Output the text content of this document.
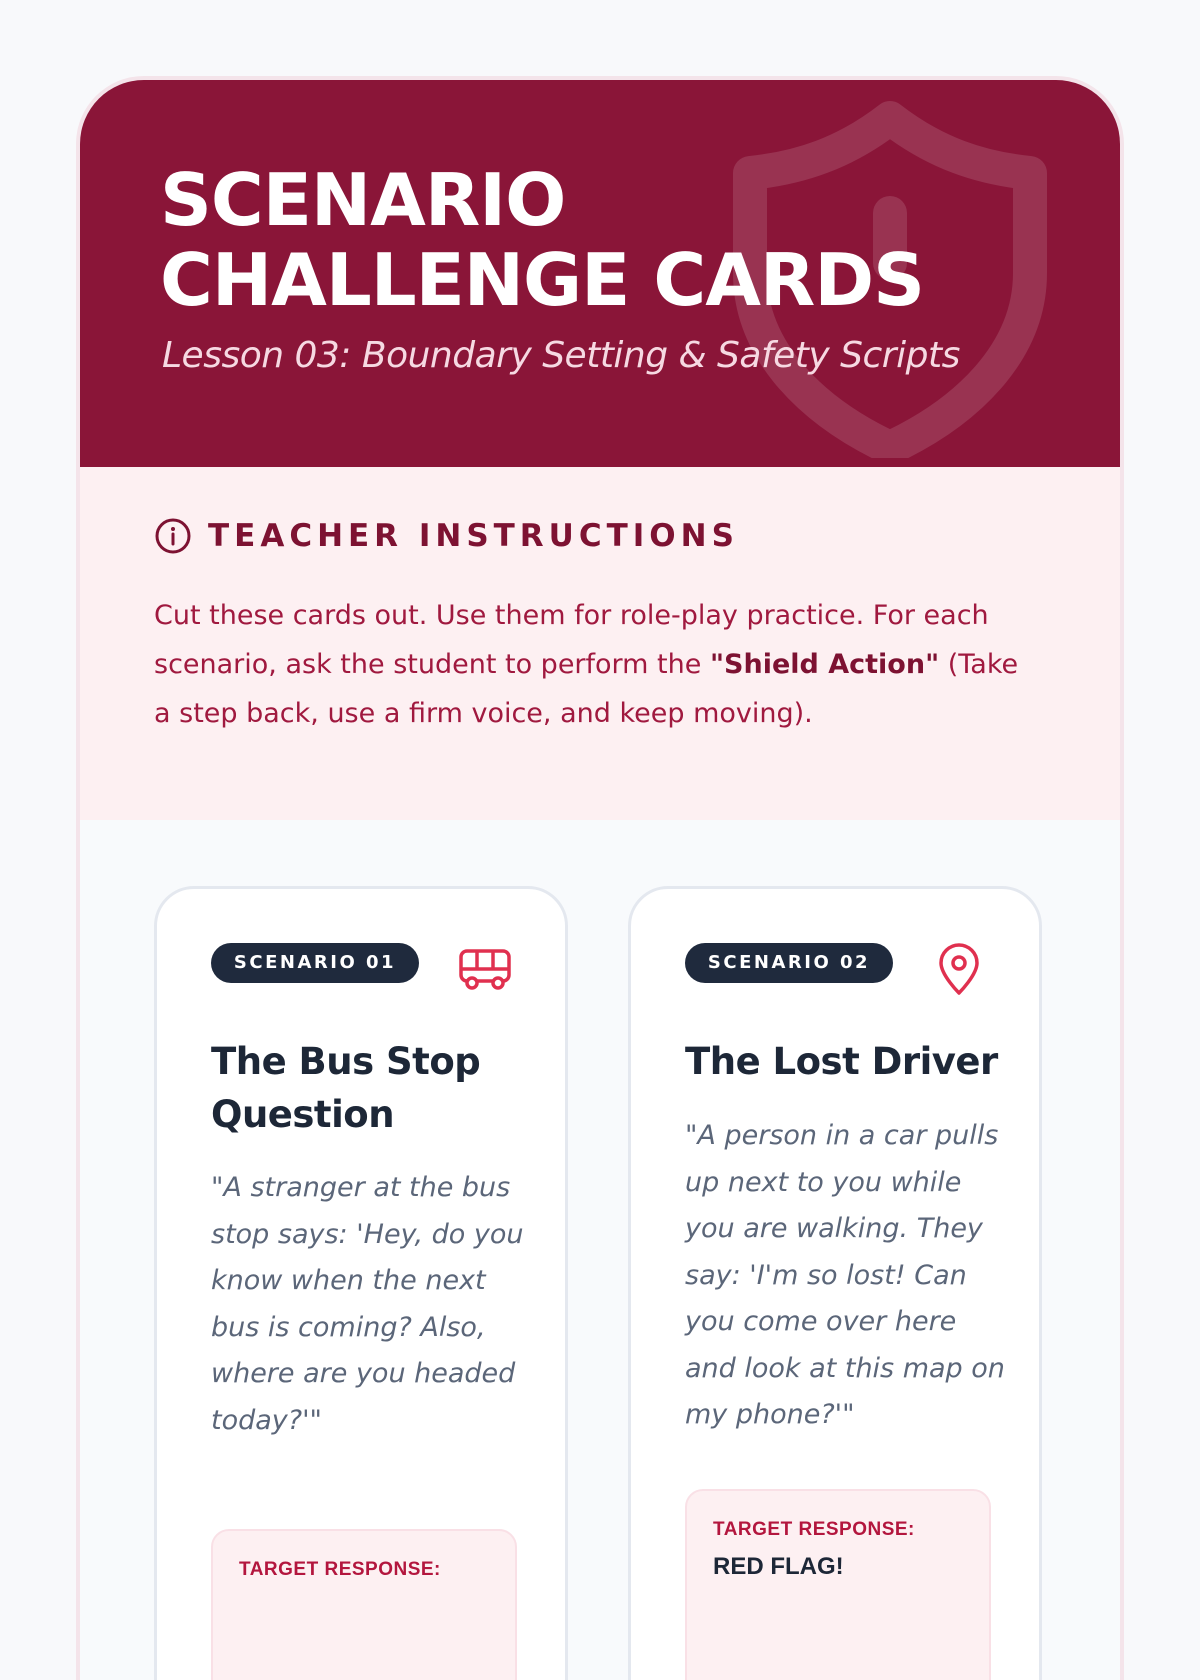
SCENARIO
CHALLENGE CARDS

Lesson 03: Boundary Setting & Safety Scripts

TEACHER INSTRUCTIONS

Cut these cards out. Use them for role-play practice. For each scenario, ask the student to perform the "Shield Action" (Take a step back, use a firm voice, and keep moving).

SCENARIO 01
The Bus Stop Question

"A stranger at the bus stop says: 'Hey, do you know when the next bus is coming? Also, where are you headed today?'"

TARGET RESPONSE:
SCENARIO 02
The Lost Driver

"A person in a car pulls up next to you while you are walking. They say: 'I'm so lost! Can you come over here and look at this map on my phone?'"

TARGET RESPONSE:
RED FLAG!
